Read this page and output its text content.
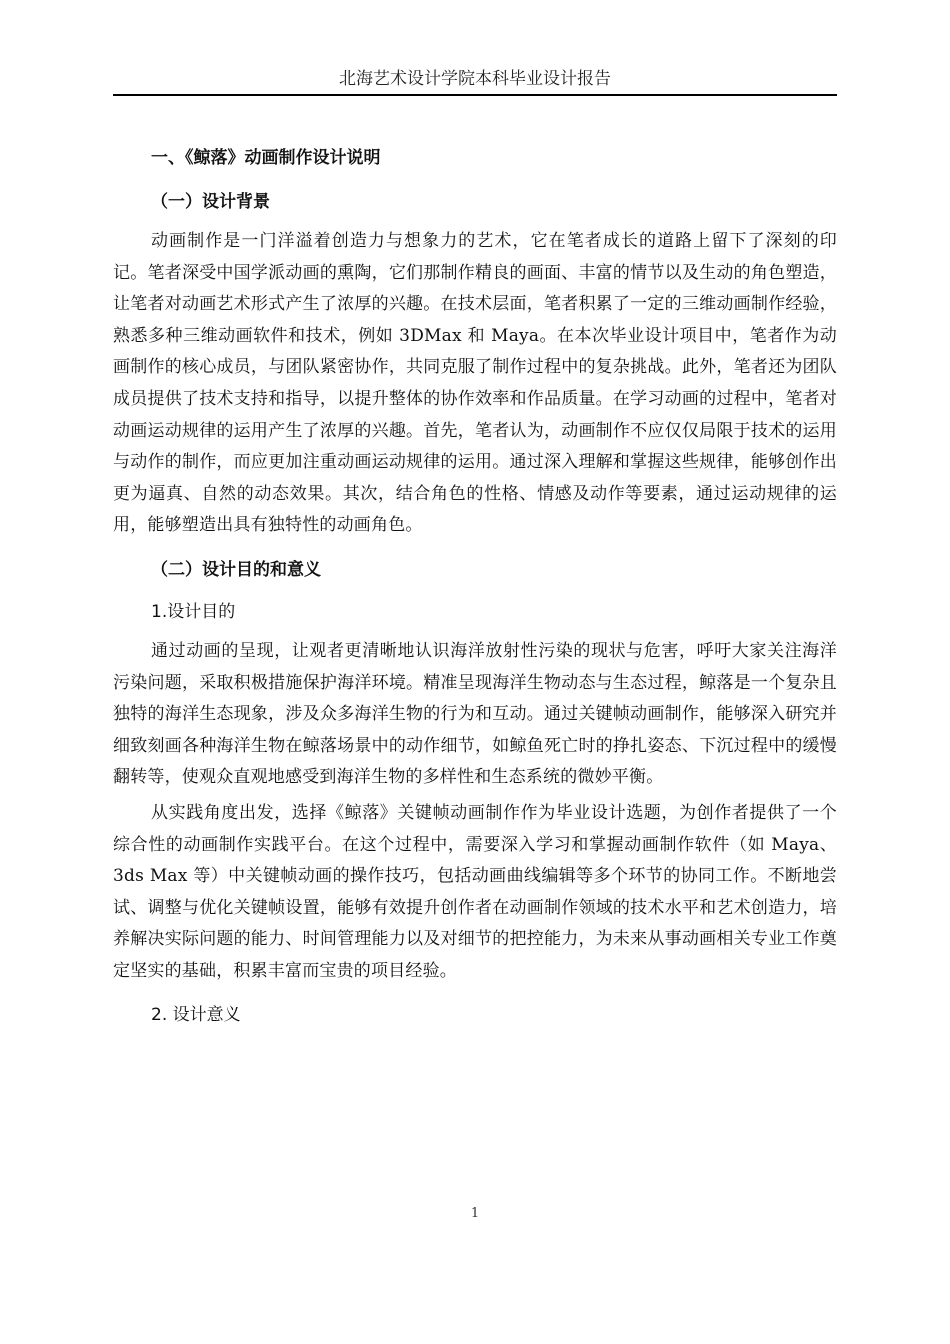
北海艺术设计学院本科毕业设计报告
一、《鲸落》动画制作设计说明
（一）设计背景

动画制作是一门洋溢着创造力与想象力的艺术，它在笔者成长的道路上留下了深刻的印记。笔者深受中国学派动画的熏陶，它们那制作精良的画面、丰富的情节以及生动的角色塑造，让笔者对动画艺术形式产生了浓厚的兴趣。在技术层面，笔者积累了一定的三维动画制作经验，熟悉多种三维动画软件和技术，例如 3DMax 和 Maya。在本次毕业设计项目中，笔者作为动画制作的核心成员，与团队紧密协作，共同克服了制作过程中的复杂挑战。此外，笔者还为团队成员提供了技术支持和指导，以提升整体的协作效率和作品质量。在学习动画的过程中，笔者对动画运动规律的运用产生了浓厚的兴趣。首先，笔者认为，动画制作不应仅仅局限于技术的运用与动作的制作，而应更加注重动画运动规律的运用。通过深入理解和掌握这些规律，能够创作出更为逼真、自然的动态效果。其次，结合角色的性格、情感及动作等要素，通过运动规律的运用，能够塑造出具有独特性的动画角色。

（二）设计目的和意义
1.设计目的

通过动画的呈现，让观者更清晰地认识海洋放射性污染的现状与危害，呼吁大家关注海洋污染问题，采取积极措施保护海洋环境。精准呈现海洋生物动态与生态过程，鲸落是一个复杂且独特的海洋生态现象，涉及众多海洋生物的行为和互动。通过关键帧动画制作，能够深入研究并细致刻画各种海洋生物在鲸落场景中的动作细节，如鲸鱼死亡时的挣扎姿态、下沉过程中的缓慢翻转等，使观众直观地感受到海洋生物的多样性和生态系统的微妙平衡。

从实践角度出发，选择《鲸落》关键帧动画制作作为毕业设计选题，为创作者提供了一个综合性的动画制作实践平台。在这个过程中，需要深入学习和掌握动画制作软件（如 Maya、3ds Max 等）中关键帧动画的操作技巧，包括动画曲线编辑等多个环节的协同工作。不断地尝试、调整与优化关键帧设置，能够有效提升创作者在动画制作领域的技术水平和艺术创造力，培养解决实际问题的能力、时间管理能力以及对细节的把控能力，为未来从事动画相关专业工作奠定坚实的基础，积累丰富而宝贵的项目经验。

2. 设计意义
1
